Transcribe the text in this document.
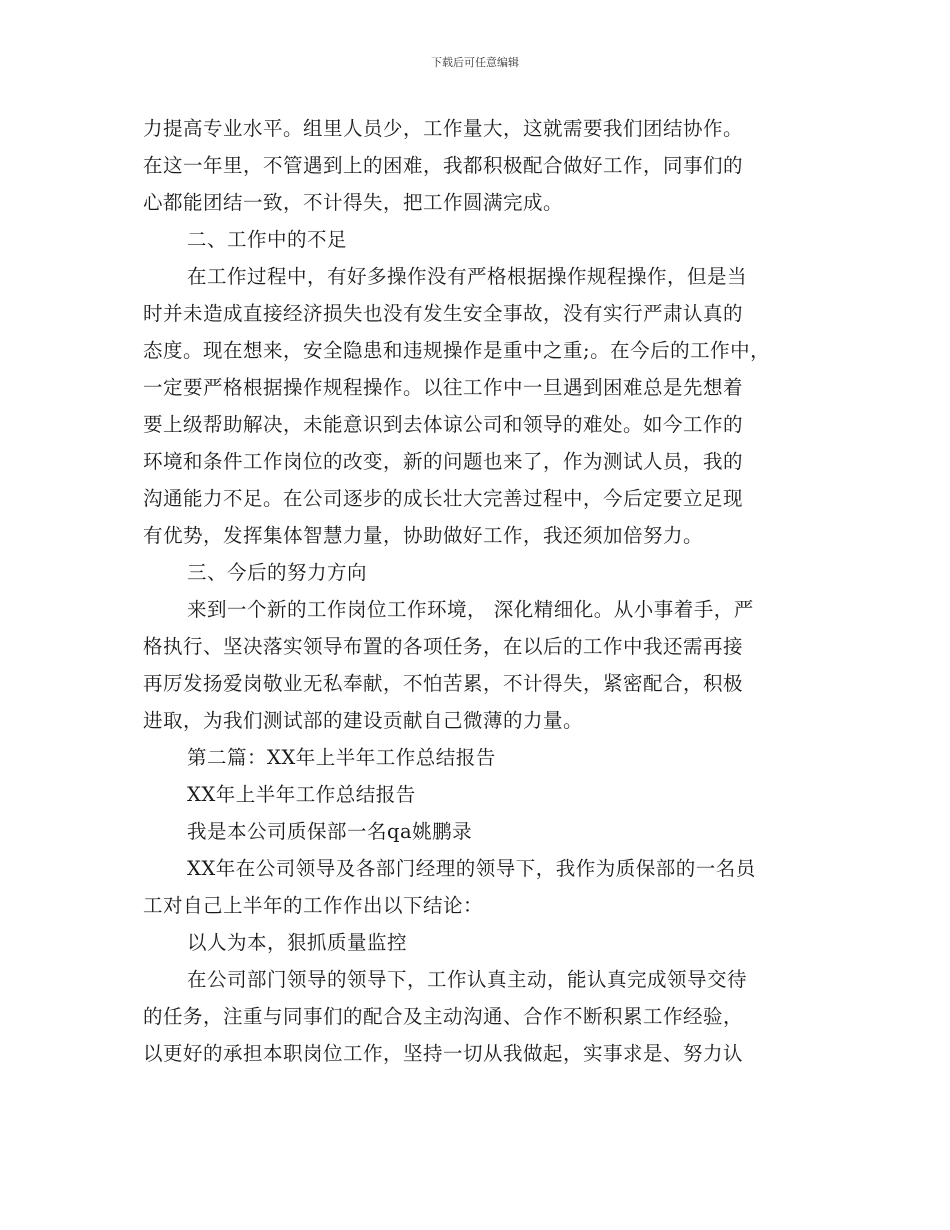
下载后可任意编辑
力提高专业水平。组里人员少，工作量大，这就需要我们团结协作。
在这一年里，不管遇到上的困难，我都积极配合做好工作，同事们的
心都能团结一致，不计得失，把工作圆满完成。
二、工作中的不足
在工作过程中，有好多操作没有严格根据操作规程操作，但是当
时并未造成直接经济损失也没有发生安全事故，没有实行严肃认真的
态度。现在想来，安全隐患和违规操作是重中之重;。在今后的工作中，
一定要严格根据操作规程操作。以往工作中一旦遇到困难总是先想着
要上级帮助解决，未能意识到去体谅公司和领导的难处。如今工作的
环境和条件工作岗位的改变，新的问题也来了，作为测试人员，我的
沟通能力不足。在公司逐步的成长壮大完善过程中，今后定要立足现
有优势，发挥集体智慧力量，协助做好工作，我还须加倍努力。
三、今后的努力方向
来到一个新的工作岗位工作环境， 深化精细化。从小事着手，严
格执行、坚决落实领导布置的各项任务，在以后的工作中我还需再接
再厉发扬爱岗敬业无私奉献，不怕苦累，不计得失，紧密配合，积极
进取，为我们测试部的建设贡献自己微薄的力量。
第二篇：XX年上半年工作总结报告
XX年上半年工作总结报告
我是本公司质保部一名qa姚鹏录
XX年在公司领导及各部门经理的领导下，我作为质保部的一名员
工对自己上半年的工作作出以下结论：
以人为本，狠抓质量监控
在公司部门领导的领导下，工作认真主动，能认真完成领导交待
的任务，注重与同事们的配合及主动沟通、合作不断积累工作经验，
以更好的承担本职岗位工作，坚持一切从我做起，实事求是、努力认
